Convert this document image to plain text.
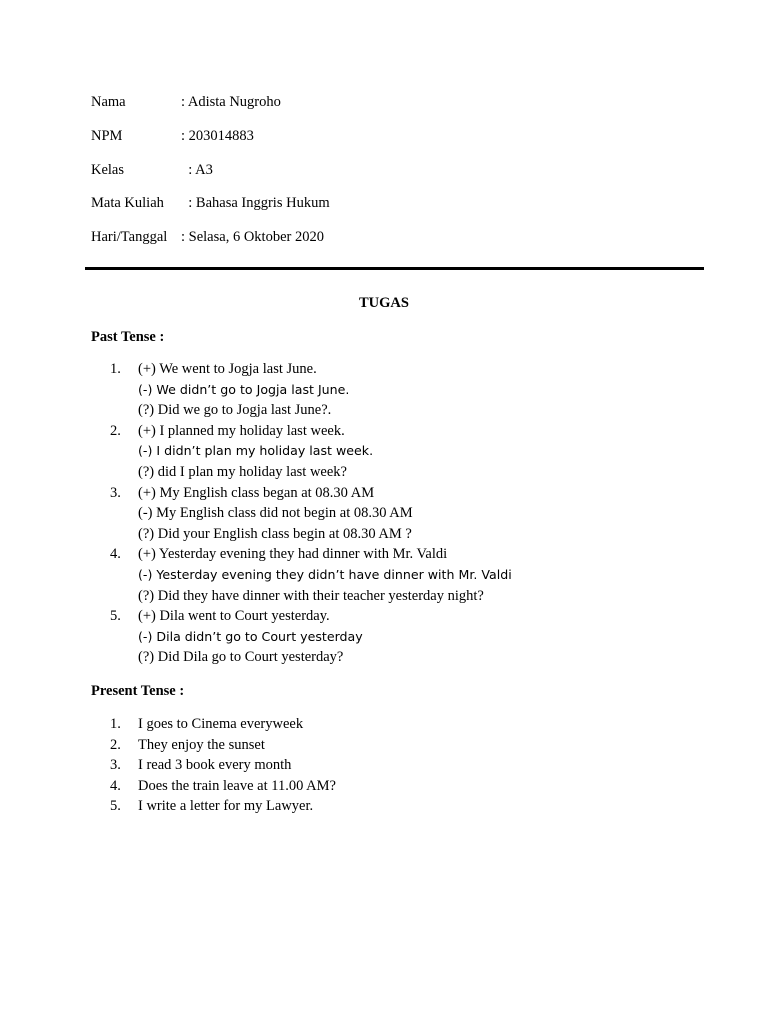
Nama	: Adista Nugroho
NPM	: 203014883
Kelas	: A3
Mata Kuliah	: Bahasa Inggris Hukum
Hari/Tanggal : Selasa, 6 Oktober 2020
TUGAS
Past Tense :
1.	(+) We went to Jogja last June.
(-) We didn’t go to Jogja last June.
(?) Did we go to Jogja last June?.
2.	(+) I planned my holiday last week.
(-) I didn’t plan my holiday last week.
(?) did I plan my holiday last week?
3.	(+) My English class began at 08.30 AM
(-) My English class did not begin at 08.30 AM
(?) Did your English class begin at 08.30 AM ?
4.	(+) Yesterday evening they had dinner with Mr. Valdi
(-) Yesterday evening they didn’t have dinner with Mr. Valdi
(?) Did they have dinner with their teacher yesterday night?
5.	(+) Dila went to Court yesterday.
(-) Dila didn’t go to Court yesterday
(?) Did Dila go to Court yesterday?
Present Tense :
1.	I goes to Cinema everyweek
2.	They enjoy the sunset
3.	I read 3 book every month
4.	Does the train leave at 11.00 AM?
5.	I write a letter for my Lawyer.
